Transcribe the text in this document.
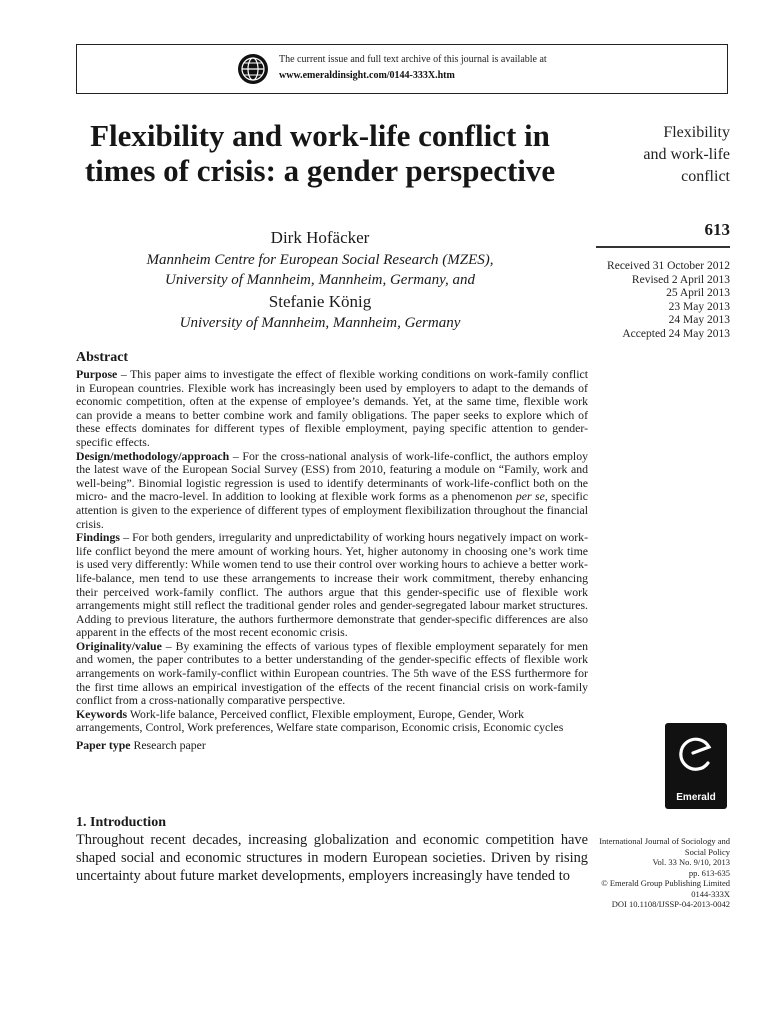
The current issue and full text archive of this journal is available at
www.emeraldinsight.com/0144-333X.htm
Flexibility and work-life conflict in times of crisis: a gender perspective
Dirk Hofäcker
Mannheim Centre for European Social Research (MZES),
University of Mannheim, Mannheim, Germany, and
Stefanie König
University of Mannheim, Mannheim, Germany
Flexibility
and work-life
conflict
613
Received 31 October 2012
Revised 2 April 2013
25 April 2013
23 May 2013
24 May 2013
Accepted 24 May 2013
Abstract

Purpose – This paper aims to investigate the effect of flexible working conditions on work-family conflict in European countries. Flexible work has increasingly been used by employers to adapt to the demands of economic competition, often at the expense of employee’s demands. Yet, at the same time, flexible work can provide a means to better combine work and family obligations. The paper seeks to explore which of these effects dominates for different types of flexible employment, paying specific attention to gender-specific effects.

Design/methodology/approach – For the cross-national analysis of work-life-conflict, the authors employ the latest wave of the European Social Survey (ESS) from 2010, featuring a module on “Family, work and well-being”. Binomial logistic regression is used to identify determinants of work-life-conflict both on the micro- and the macro-level. In addition to looking at flexible work forms as a phenomenon per se, specific attention is given to the experience of different types of employment flexibilization throughout the financial crisis.

Findings – For both genders, irregularity and unpredictability of working hours negatively impact on work-life conflict beyond the mere amount of working hours. Yet, higher autonomy in choosing one’s work time is used very differently: While women tend to use their control over working hours to achieve a better work-life-balance, men tend to use these arrangements to increase their work commitment, thereby enhancing their perceived work-family conflict. The authors argue that this gender-specific use of flexible work arrangements might still reflect the traditional gender roles and gender-segregated labour market structures. Adding to previous literature, the authors furthermore demonstrate that gender-specific differences are also apparent in the effects of the most recent economic crisis.

Originality/value – By examining the effects of various types of flexible employment separately for men and women, the paper contributes to a better understanding of the gender-specific effects of flexible work arrangements on work-family-conflict within European countries. The 5th wave of the ESS furthermore for the first time allows an empirical investigation of the effects of the recent financial crisis on work-family conflict from a cross-nationally comparative perspective.

Keywords Work-life balance, Perceived conflict, Flexible employment, Europe, Gender, Work arrangements, Control, Work preferences, Welfare state comparison, Economic crisis, Economic cycles

Paper type Research paper

Emerald
1. Introduction

Throughout recent decades, increasing globalization and economic competition have shaped social and economic structures in modern European societies. Driven by rising uncertainty about future market developments, employers increasingly have tended to

International Journal of Sociology and
Social Policy
Vol. 33 No. 9/10, 2013
pp. 613-635
© Emerald Group Publishing Limited
0144-333X
DOI 10.1108/IJSSP-04-2013-0042
